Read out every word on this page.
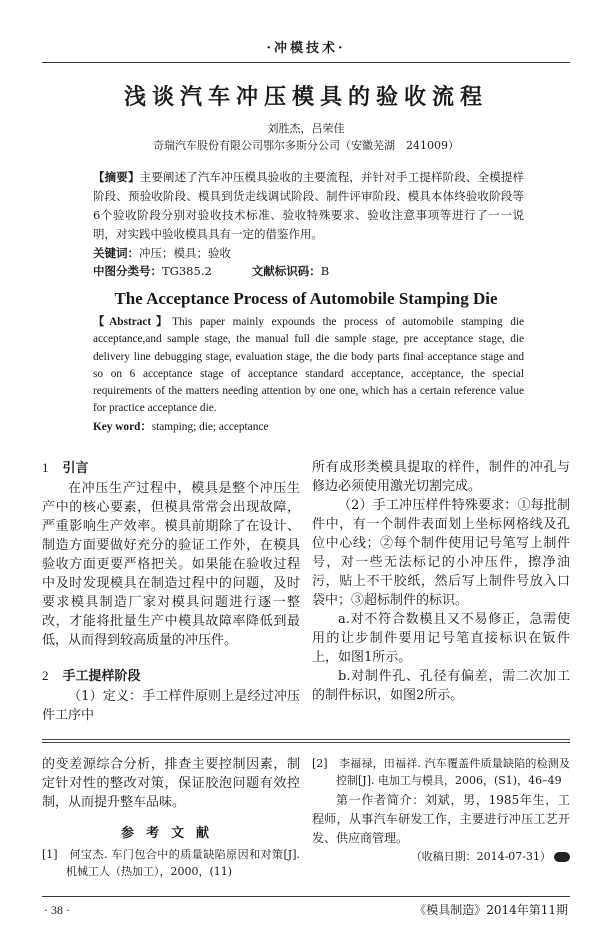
·冲模技术·
浅谈汽车冲压模具的验收流程
刘胜杰，吕荣佳
奇瑞汽车股份有限公司鄂尔多斯分公司（安徽芜湖　241009）
【摘要】主要阐述了汽车冲压模具验收的主要流程，并针对手工提样阶段、全模提样阶段、预验收阶段、模具到货走线调试阶段、制件评审阶段、模具本体终验收阶段等6个验收阶段分别对验收技术标准、验收特殊要求、验收注意事项等进行了一一说明，对实践中验收模具具有一定的借鉴作用。
关键词：冲压；模具；验收
中图分类号：TG385.2	文献标识码：B
The Acceptance Process of Automobile Stamping Die
【Abstract】This paper mainly expounds the process of automobile stamping die acceptance,and sample stage, the manual full die sample stage, pre acceptance stage, die delivery line debugging stage, evaluation stage, the die body parts final acceptance stage and so on 6 acceptance stage of acceptance standard acceptance, acceptance, the special requirements of the matters needing attention by one one, which has a certain reference value for practice acceptance die.
Key word：stamping; die; acceptance
1 引言

在冲压生产过程中，模具是整个冲压生产中的核心要素，但模具常常会出现故障，严重影响生产效率。模具前期除了在设计、制造方面要做好充分的验证工作外，在模具验收方面更要严格把关。如果能在验收过程中及时发现模具在制造过程中的问题，及时要求模具制造厂家对模具问题进行逐一整改，才能将批量生产中模具故障率降低到最低，从而得到较高质量的冲压件。

2 手工提样阶段

（1）定义：手工样件原则上是经过冲压件工序中

所有成形类模具提取的样件，制件的冲孔与修边必须使用激光切割完成。

（2）手工冲压样件特殊要求：①每批制件中，有一个制件表面划上坐标网格线及孔位中心线；②每个制件使用记号笔写上制件号，对一些无法标记的小冲压件，擦净油污，贴上不干胶纸，然后写上制件号放入口袋中；③超标制件的标识。

a.对不符合数模且又不易修正，急需使用的让步制件要用记号笔直接标识在钣件上，如图1所示。

b.对制件孔、孔径有偏差，需二次加工的制件标识，如图2所示。

的变差源综合分析，排查主要控制因素，制定针对性的整改对策，保证胶泡问题有效控制，从而提升整车品味。

参考文献
[1]　何宝杰. 车门包合中的质量缺陷原因和对策[J]. 机械工人（热加工），2000，(11)
[2]　李福禄，田福祥. 汽车覆盖件质量缺陷的检测及控制[J]. 电加工与模具，2006，(S1)，46–49

第一作者简介：刘斌，男，1985年生，工程师，从事汽车研发工作，主要进行冲压工艺开发、供应商管理。

（收稿日期：2014-07-31）
· 38 ·	《模具制造》2014年第11期
